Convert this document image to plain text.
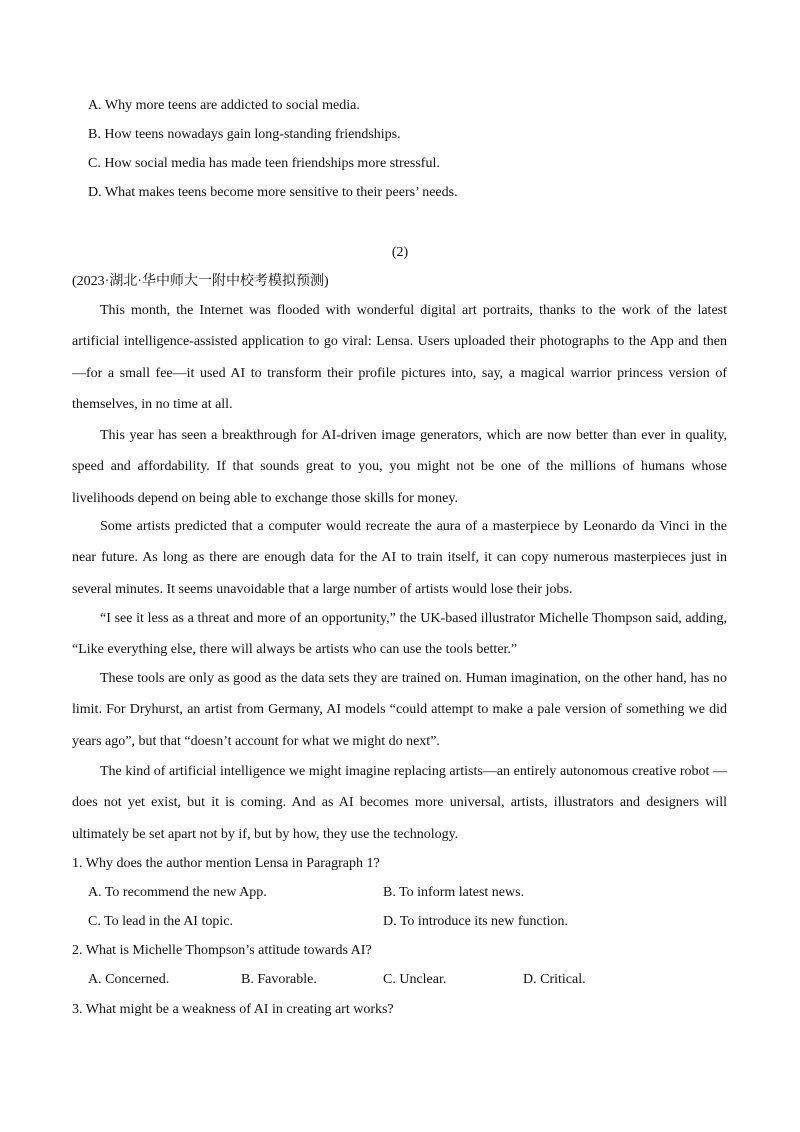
A. Why more teens are addicted to social media.
B. How teens nowadays gain long-standing friendships.
C. How social media has made teen friendships more stressful.
D. What makes teens become more sensitive to their peers’ needs.
(2)
(2023·湖北·华中师大一附中校考模拟预测)

This month, the Internet was flooded with wonderful digital art portraits, thanks to the work of the latest artificial intelligence-assisted application to go viral: Lensa. Users uploaded their photographs to the App and then —for a small fee—it used AI to transform their profile pictures into, say, a magical warrior princess version of themselves, in no time at all.

This year has seen a breakthrough for AI-driven image generators, which are now better than ever in quality, speed and affordability. If that sounds great to you, you might not be one of the millions of humans whose livelihoods depend on being able to exchange those skills for money.

Some artists predicted that a computer would recreate the aura of a masterpiece by Leonardo da Vinci in the near future. As long as there are enough data for the AI to train itself, it can copy numerous masterpieces just in several minutes. It seems unavoidable that a large number of artists would lose their jobs.

“I see it less as a threat and more of an opportunity,” the UK-based illustrator Michelle Thompson said, adding, “Like everything else, there will always be artists who can use the tools better.”

These tools are only as good as the data sets they are trained on. Human imagination, on the other hand, has no limit. For Dryhurst, an artist from Germany, AI models “could attempt to make a pale version of something we did years ago”, but that “doesn’t account for what we might do next”.

The kind of artificial intelligence we might imagine replacing artists—an entirely autonomous creative robot —does not yet exist, but it is coming. And as AI becomes more universal, artists, illustrators and designers will ultimately be set apart not by if, but by how, they use the technology.

1. Why does the author mention Lensa in Paragraph 1?
A. To recommend the new App.	B. To inform latest news.
C. To lead in the AI topic.	D. To introduce its new function.
2. What is Michelle Thompson’s attitude towards AI?
A. Concerned.	B. Favorable.	C. Unclear.	D. Critical.
3. What might be a weakness of AI in creating art works?
